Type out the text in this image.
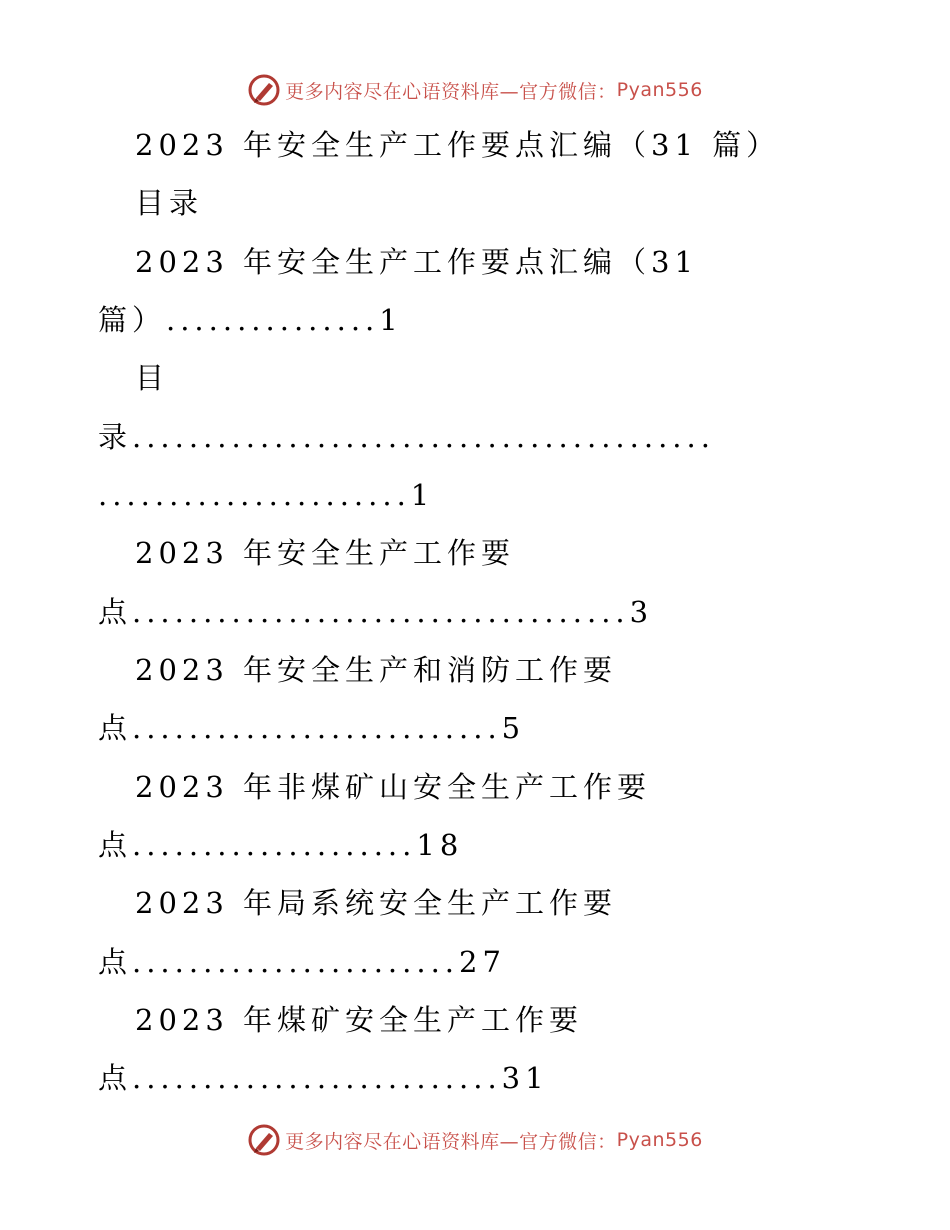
更多内容尽在心语资料库—官方微信： Pyan556
2023 年安全生产工作要点汇编（31 篇）
目录
2023 年安全生产工作要点汇编（31
篇）...............1
目
录.........................................
......................1
2023 年安全生产工作要
点...................................3
2023 年安全生产和消防工作要
点..........................5
2023 年非煤矿山安全生产工作要
点....................18
2023 年局系统安全生产工作要
点.......................27
2023 年煤矿安全生产工作要
点..........................31
更多内容尽在心语资料库—官方微信： Pyan556
